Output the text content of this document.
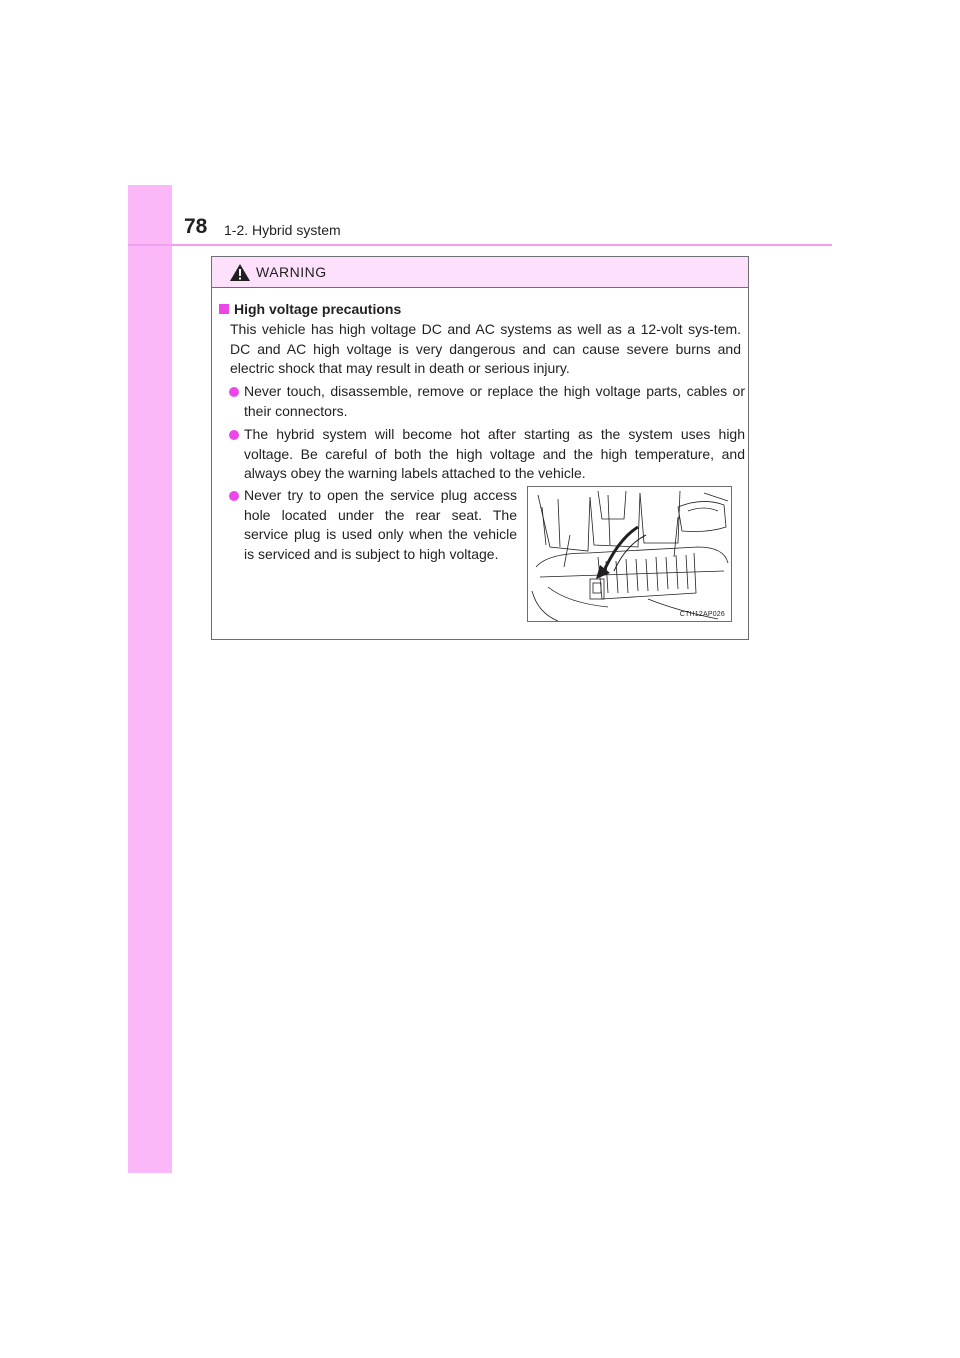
78 1-2. Hybrid system
WARNING
High voltage precautions
This vehicle has high voltage DC and AC systems as well as a 12-volt sys-tem. DC and AC high voltage is very dangerous and can cause severe burns and electric shock that may result in death or serious injury.
Never touch, disassemble, remove or replace the high voltage parts, cables or their connectors.
The hybrid system will become hot after starting as the system uses high voltage. Be careful of both the high voltage and the high temperature, and always obey the warning labels attached to the vehicle.
Never try to open the service plug access hole located under the rear seat. The service plug is used only when the vehicle is serviced and is subject to high voltage.
CTH12AP026
